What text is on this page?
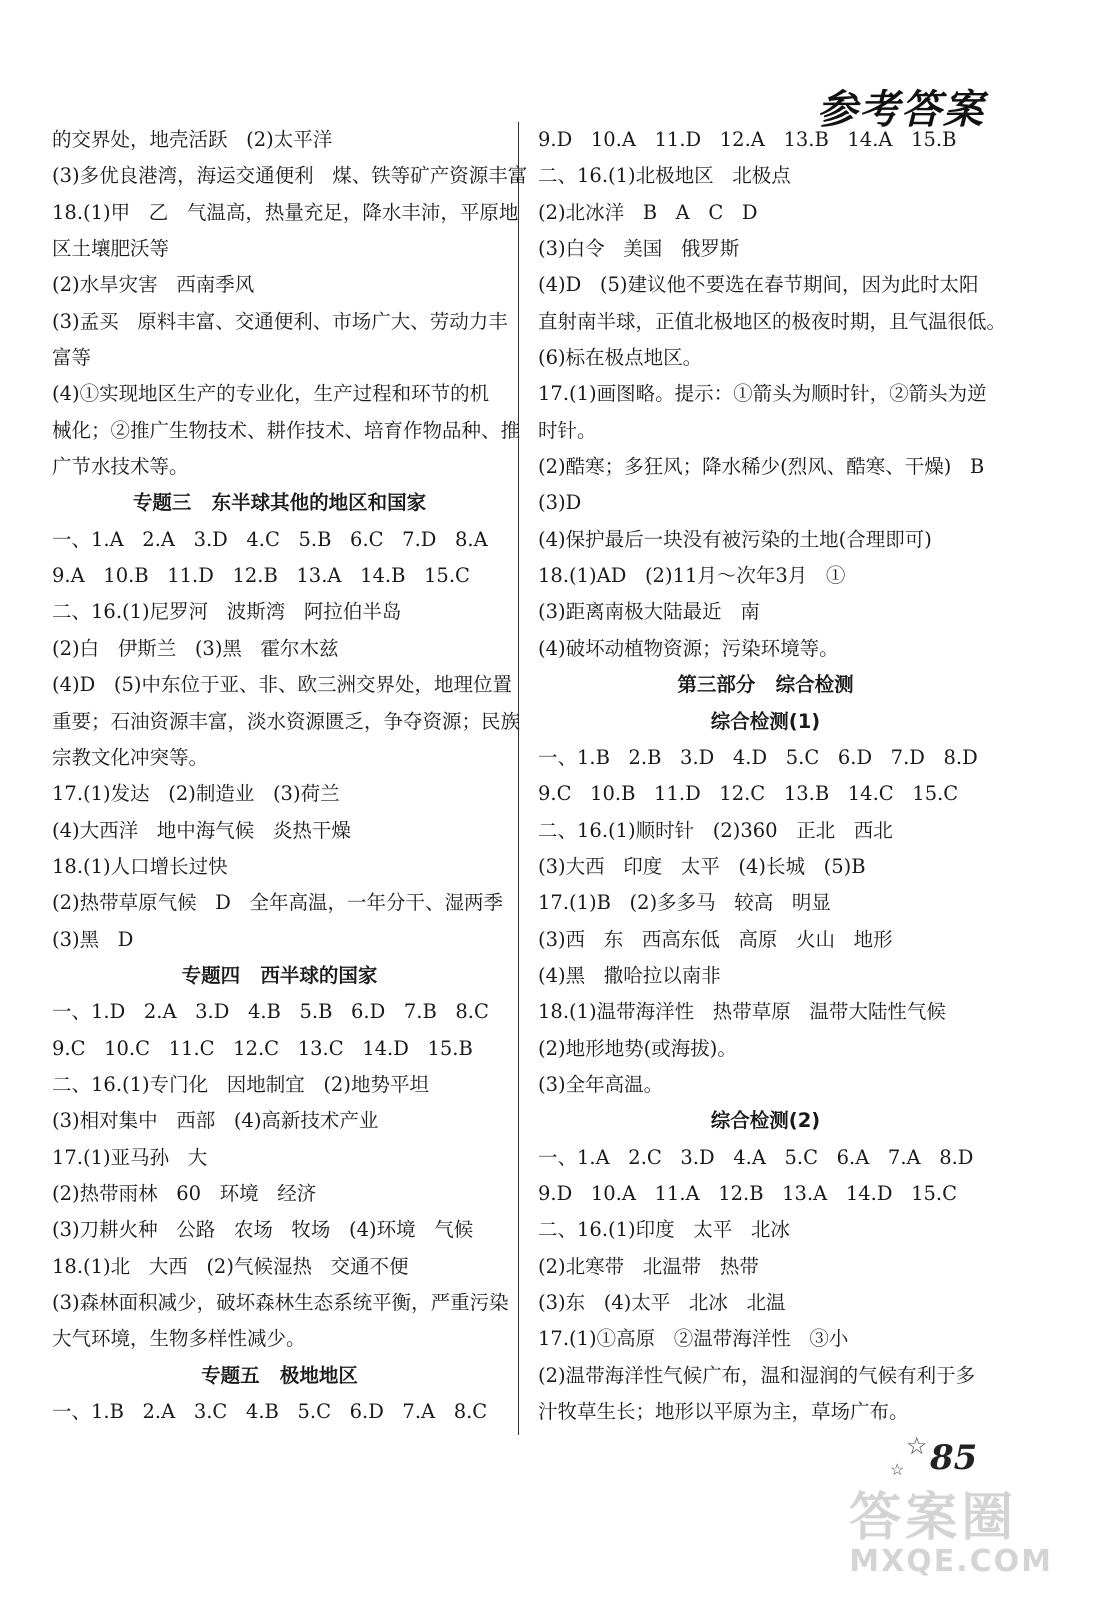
参考答案
的交界处，地壳活跃   (2)太平洋
(3)多优良港湾，海运交通便利   煤、铁等矿产资源丰富
18.(1)甲   乙   气温高，热量充足，降水丰沛，平原地
区土壤肥沃等
(2)水旱灾害   西南季风
(3)孟买   原料丰富、交通便利、市场广大、劳动力丰
富等
(4)①实现地区生产的专业化，生产过程和环节的机
械化；②推广生物技术、耕作技术、培育作物品种、推
广节水技术等。
专题三   东半球其他的地区和国家
一、1.A   2.A   3.D   4.C   5.B   6.C   7.D   8.A
9.A   10.B   11.D   12.B   13.A   14.B   15.C
二、16.(1)尼罗河   波斯湾   阿拉伯半岛
(2)白   伊斯兰   (3)黑   霍尔木兹
(4)D   (5)中东位于亚、非、欧三洲交界处，地理位置
重要；石油资源丰富，淡水资源匮乏，争夺资源；民族
宗教文化冲突等。
17.(1)发达   (2)制造业   (3)荷兰
(4)大西洋   地中海气候   炎热干燥
18.(1)人口增长过快
(2)热带草原气候   D   全年高温，一年分干、湿两季
(3)黑   D
专题四   西半球的国家
一、1.D   2.A   3.D   4.B   5.B   6.D   7.B   8.C
9.C   10.C   11.C   12.C   13.C   14.D   15.B
二、16.(1)专门化   因地制宜   (2)地势平坦
(3)相对集中   西部   (4)高新技术产业
17.(1)亚马孙   大
(2)热带雨林   60   环境   经济
(3)刀耕火种   公路   农场   牧场   (4)环境   气候
18.(1)北   大西   (2)气候湿热   交通不便
(3)森林面积减少，破坏森林生态系统平衡，严重污染
大气环境，生物多样性减少。
专题五   极地地区
一、1.B   2.A   3.C   4.B   5.C   6.D   7.A   8.C
9.D   10.A   11.D   12.A   13.B   14.A   15.B
二、16.(1)北极地区   北极点
(2)北冰洋   B   A   C   D
(3)白令   美国   俄罗斯
(4)D   (5)建议他不要选在春节期间，因为此时太阳
直射南半球，正值北极地区的极夜时期，且气温很低。
(6)标在极点地区。
17.(1)画图略。提示：①箭头为顺时针，②箭头为逆
时针。
(2)酷寒；多狂风；降水稀少(烈风、酷寒、干燥)   B
(3)D
(4)保护最后一块没有被污染的土地(合理即可)
18.(1)AD   (2)11月～次年3月   ①
(3)距离南极大陆最近   南
(4)破坏动植物资源；污染环境等。
第三部分   综合检测
综合检测(1)
一、1.B   2.B   3.D   4.D   5.C   6.D   7.D   8.D
9.C   10.B   11.D   12.C   13.B   14.C   15.C
二、16.(1)顺时针   (2)360   正北   西北
(3)大西   印度   太平   (4)长城   (5)B
17.(1)B   (2)多多马   较高   明显
(3)西   东   西高东低   高原   火山   地形
(4)黑   撒哈拉以南非
18.(1)温带海洋性   热带草原   温带大陆性气候
(2)地形地势(或海拔)。
(3)全年高温。
综合检测(2)
一、1.A   2.C   3.D   4.A   5.C   6.A   7.A   8.D
9.D   10.A   11.A   12.B   13.A   14.D   15.C
二、16.(1)印度   太平   北冰
(2)北寒带   北温带   热带
(3)东   (4)太平   北冰   北温
17.(1)①高原   ②温带海洋性   ③小
(2)温带海洋性气候广布，温和湿润的气候有利于多
汁牧草生长；地形以平原为主，草场广布。
☆
☆ 85
答案圈
MXQE.COM
